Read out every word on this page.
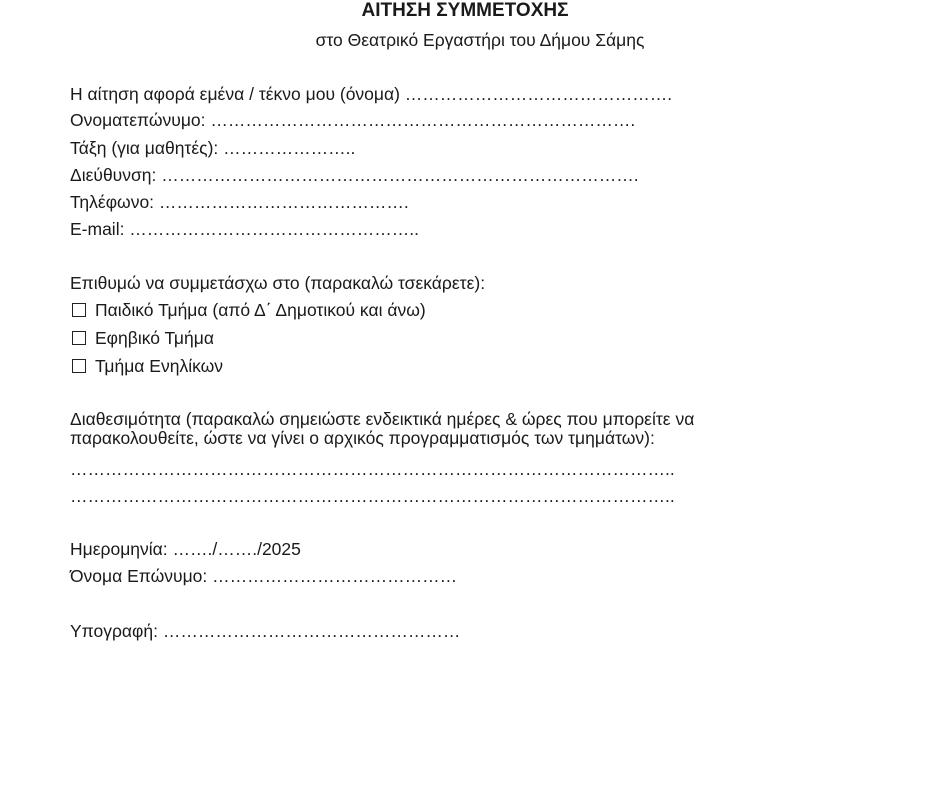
ΑΙΤΗΣΗ ΣΥΜΜΕΤΟΧΗΣ
στο Θεατρικό Εργαστήρι του Δήμου Σάμης
Η αίτηση αφορά εμένα / τέκνο μου (όνομα) ……………………………………….
Ονοματεπώνυμο: ……………………………………………………………….
Τάξη (για μαθητές): …………………..
Διεύθυνση: ……………………………………………………………………….
Τηλέφωνο: …………………………………….
E-mail: …………………………………………..
Επιθυμώ να συμμετάσχω στο (παρακαλώ τσεκάρετε):
Παιδικό Τμήμα (από Δ΄ Δημοτικού και άνω)
Εφηβικό Τμήμα
Τμήμα Ενηλίκων
Διαθεσιμότητα (παρακαλώ σημειώστε ενδεικτικά ημέρες & ώρες που μπορείτε να παρακολουθείτε, ώστε να γίνει ο αρχικός προγραμματισμός των τμημάτων):
…………………………………………………………………………………………..
…………………………………………………………………………………………..
Ημερομηνία: ……./……./2025
Όνομα Επώνυμο: ……………………………………
Υπογραφή: ……………………………………………
